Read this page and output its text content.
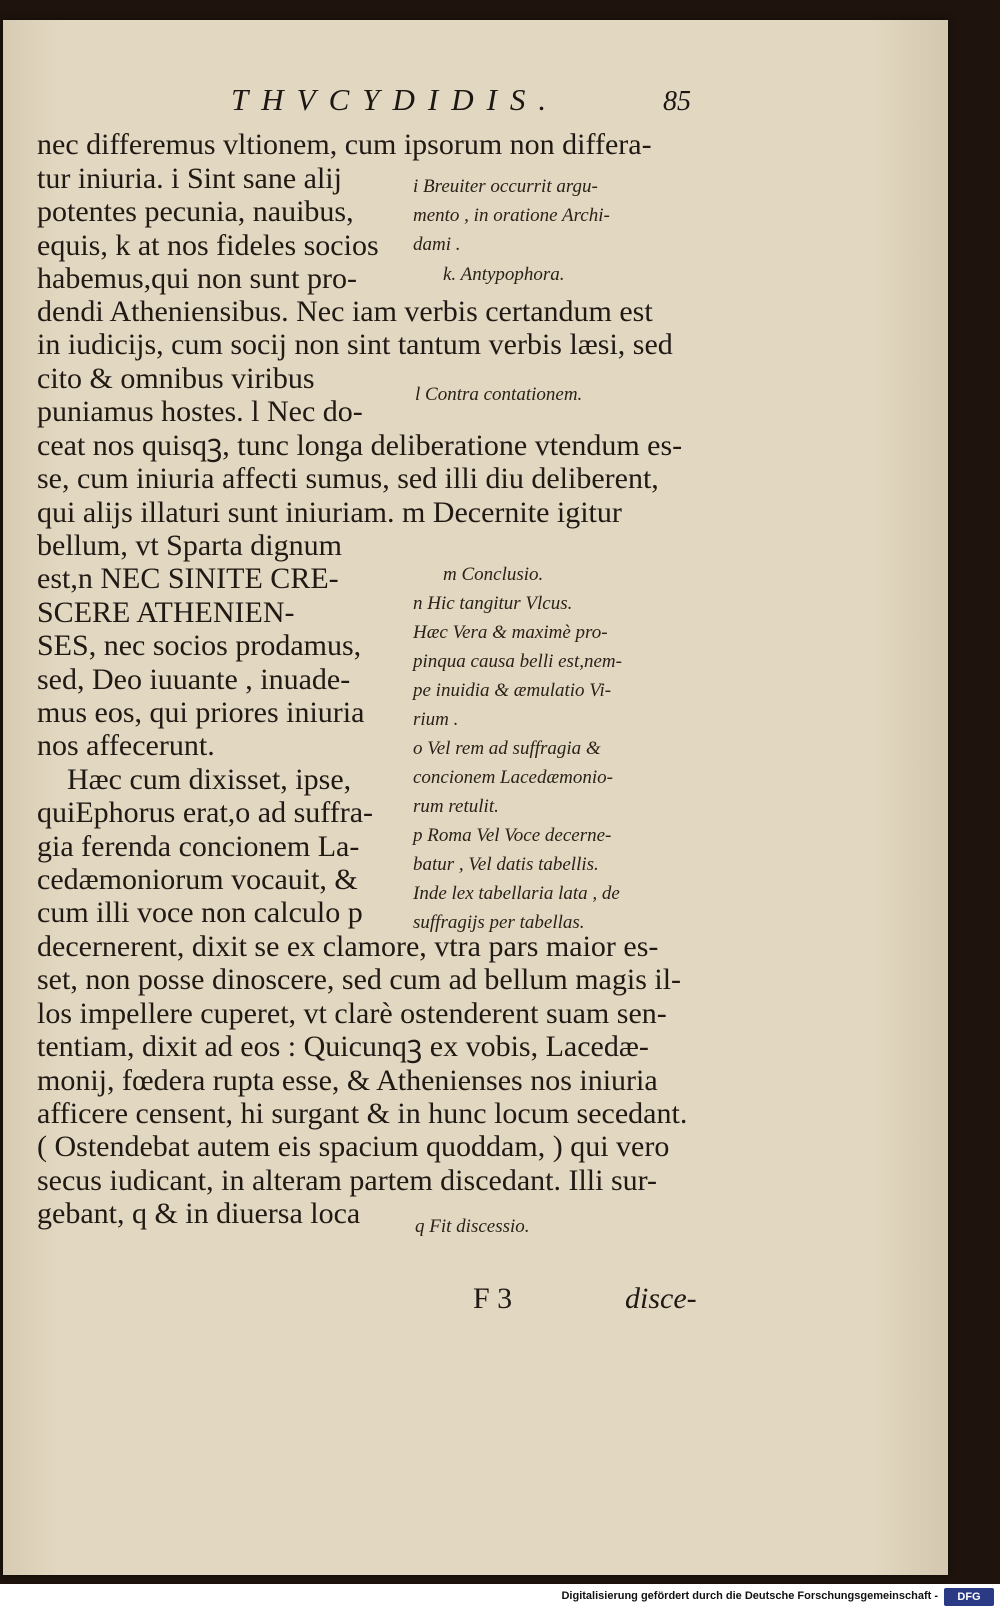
THVCYDIDIS.	85
nec differemus vltionem, cum ipsorum non differa-
tur iniuria. i Sint sane alij
potentes pecunia, nauibus,
equis, k at nos fideles socios
habemus,qui non sunt pro-
dendi Atheniensibus. Nec iam verbis certandum est
in iudicijs, cum socij non sint tantum verbis læsi, sed
cito & omnibus viribus
puniamus hostes. l Nec do-
ceat nos quisqꝫ, tunc longa deliberatione vtendum es-
se, cum iniuria affecti sumus, sed illi diu deliberent,
qui alijs illaturi sunt iniuriam. m Decernite igitur
bellum, vt Sparta dignum
est,n NEC SINITE CRE-
SCERE ATHENIEN-
SES, nec socios prodamus,
sed, Deo iuuante , inuade-
mus eos, qui priores iniuria
nos affecerunt.
Hæc cum dixisset, ipse,
quiEphorus erat,o ad suffra-
gia ferenda concionem La-
cedæmoniorum vocauit, &
cum illi voce non calculo p
decernerent, dixit se ex clamore, vtra pars maior es-
set, non posse dinoscere, sed cum ad bellum magis il-
los impellere cuperet, vt clarè ostenderent suam sen-
tentiam, dixit ad eos : Quicunqꝫ ex vobis, Lacedæ-
monij, fœdera rupta esse, & Athenienses nos iniuria
afficere censent, hi surgant & in hunc locum secedant.
( Ostendebat autem eis spacium quoddam, ) qui vero
secus iudicant, in alteram partem discedant. Illi sur-
gebant, q & in diuersa loca
i Breuiter occurrit argu-
mento , in oratione Archi-
dami .
k. Antypophora.
l Contra contationem.
m Conclusio.
n Hic tangitur Vlcus.
Hæc Vera & maximè pro-
pinqua causa belli est,nem-
pe inuidia & æmulatio Vi-
rium .
o Vel rem ad suffragia &
concionem Lacedæmonio-
rum retulit.
p Roma Vel Voce decerne-
batur , Vel datis tabellis.
Inde lex tabellaria lata , de
suffragijs per tabellas.
q Fit discessio.
F 3	disce-
Digitalisierung gefördert durch die Deutsche Forschungsgemeinschaft -	DFG
